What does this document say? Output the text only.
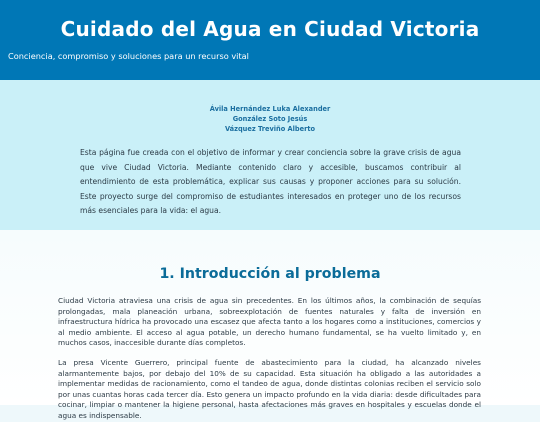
Cuidado del Agua en Ciudad Victoria
Conciencia, compromiso y soluciones para un recurso vital
Ávila Hernández Luka Alexander
González Soto Jesús
Vázquez Treviño Alberto

Esta página fue creada con el objetivo de informar y crear conciencia sobre la grave crisis de agua que vive Ciudad Victoria. Mediante contenido claro y accesible, buscamos contribuir al entendimiento de esta problemática, explicar sus causas y proponer acciones para su solución. Este proyecto surge del compromiso de estudiantes interesados en proteger uno de los recursos más esenciales para la vida: el agua.

1. Introducción al problema

Ciudad Victoria atraviesa una crisis de agua sin precedentes. En los últimos años, la combinación de sequías prolongadas, mala planeación urbana, sobreexplotación de fuentes naturales y falta de inversión en infraestructura hídrica ha provocado una escasez que afecta tanto a los hogares como a instituciones, comercios y al medio ambiente. El acceso al agua potable, un derecho humano fundamental, se ha vuelto limitado y, en muchos casos, inaccesible durante días completos.

La presa Vicente Guerrero, principal fuente de abastecimiento para la ciudad, ha alcanzado niveles alarmantemente bajos, por debajo del 10% de su capacidad. Esta situación ha obligado a las autoridades a implementar medidas de racionamiento, como el tandeo de agua, donde distintas colonias reciben el servicio solo por unas cuantas horas cada tercer día. Esto genera un impacto profundo en la vida diaria: desde dificultades para cocinar, limpiar o mantener la higiene personal, hasta afectaciones más graves en hospitales y escuelas donde el agua es indispensable.
